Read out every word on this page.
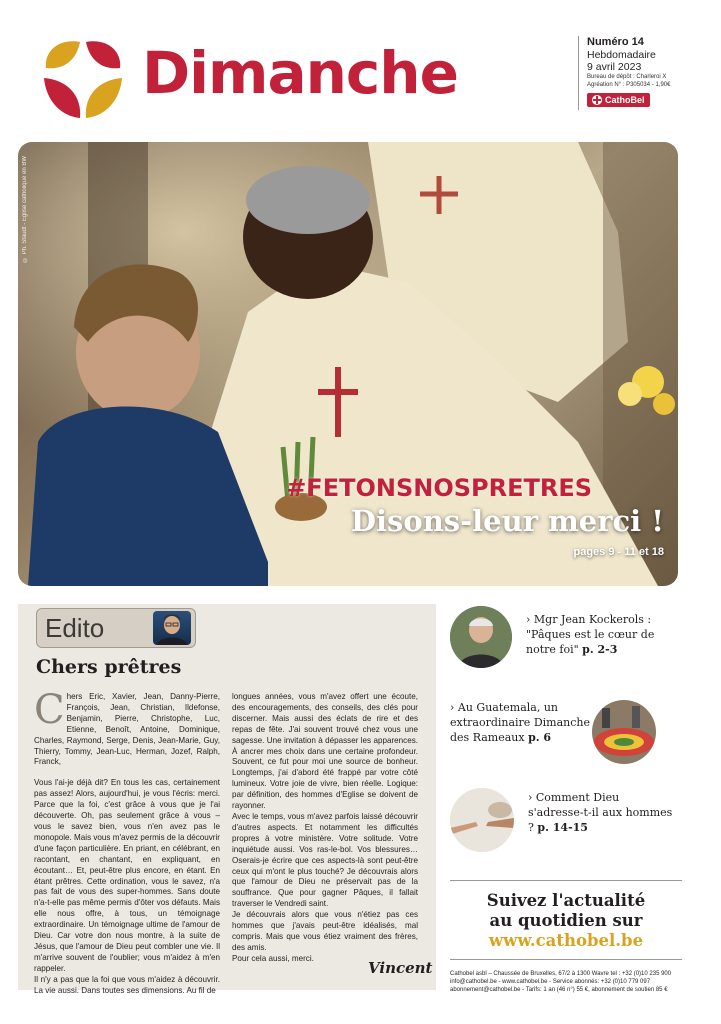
Dimanche	Numéro 14
Hebdomadaire
9 avril 2023
Bureau de dépôt : Charleroi X
Agréation N° : P305034 - 1,90€
CathoBel
© Ph. Staudt - Eglise catholique en BW
#FETONSNOSPRETRES
Disons-leur merci !
pages 9 - 11 et 18
Edito
Chers prêtres

Chers Eric, Xavier, Jean, Danny-Pierre, François, Jean, Christian, Ildefonse, Benjamin, Pierre, Christophe, Luc, Etienne, Benoît, Antoine, Dominique, Charles, Raymond, Serge, Denis, Jean-Marie, Guy, Thierry, Tommy, Jean-Luc, Herman, Jozef, Ralph, Franck,

Vous l'ai-je déjà dit? En tous les cas, certainement pas assez! Alors, aujourd'hui, je vous l'écris: merci. Parce que la foi, c'est grâce à vous que je l'ai découverte. Oh, pas seulement grâce à vous – vous le savez bien, vous n'en avez pas le monopole. Mais vous m'avez permis de la découvrir d'une façon particulière. En priant, en célébrant, en racontant, en chantant, en expliquant, en écoutant… Et, peut-être plus encore, en étant. En étant prêtres. Cette ordination, vous le savez, n'a pas fait de vous des super-hommes. Sans doute n'a-t-elle pas même permis d'ôter vos défauts. Mais elle nous offre, à tous, un témoignage extraordinaire. Un témoignage ultime de l'amour de Dieu. Car votre don nous montre, à la suite de Jésus, que l'amour de Dieu peut combler une vie. Il m'arrive souvent de l'oublier; vous m'aidez à m'en rappeler.

Il n'y a pas que la foi que vous m'aidez à découvrir. La vie aussi. Dans toutes ses dimensions. Au fil de

longues années, vous m'avez offert une écoute, des encouragements, des conseils, des clés pour discerner. Mais aussi des éclats de rire et des repas de fête. J'ai souvent trouvé chez vous une sagesse. Une invitation à dépasser les apparences. À ancrer mes choix dans une certaine profondeur. Souvent, ce fut pour moi une source de bonheur. Longtemps, j'ai d'abord été frappé par votre côté lumineux. Votre joie de vivre, bien réelle. Logique: par définition, des hommes d'Eglise se doivent de rayonner.

Avec le temps, vous m'avez parfois laissé découvrir d'autres aspects. Et notamment les difficultés propres à votre ministère. Votre solitude. Votre inquiétude aussi. Vos ras-le-bol. Vos blessures… Oserais-je écrire que ces aspects-là sont peut-être ceux qui m'ont le plus touché? Je découvrais alors que l'amour de Dieu ne préservait pas de la souffrance. Que pour gagner Pâques, il fallait traverser le Vendredi saint.

Je découvrais alors que vous n'étiez pas ces hommes que j'avais peut-être idéalisés, mal compris. Mais que vous étiez vraiment des frères, des amis.

Pour cela aussi, merci.

Vincent
› Mgr Jean Kockerols : "Pâques est le cœur de notre foi" p. 2-3
› Au Guatemala, un extraordinaire Dimanche des Rameaux p. 6
› Comment Dieu s'adresse-t-il aux hommes ? p. 14-15
Suivez l'actualité
au quotidien sur
www.cathobel.be
Cathobel asbl – Chaussée de Bruxelles, 67/2 à 1300 Wavre tel : +32 (0)10 235 900
info@cathobel.be - www.cathobel.be - Service abonnés: +32 (0)10 779 097
abonnement@cathobel.be - Tarifs: 1 an (46 n°) 55 €, abonnement de soutien 85 €
